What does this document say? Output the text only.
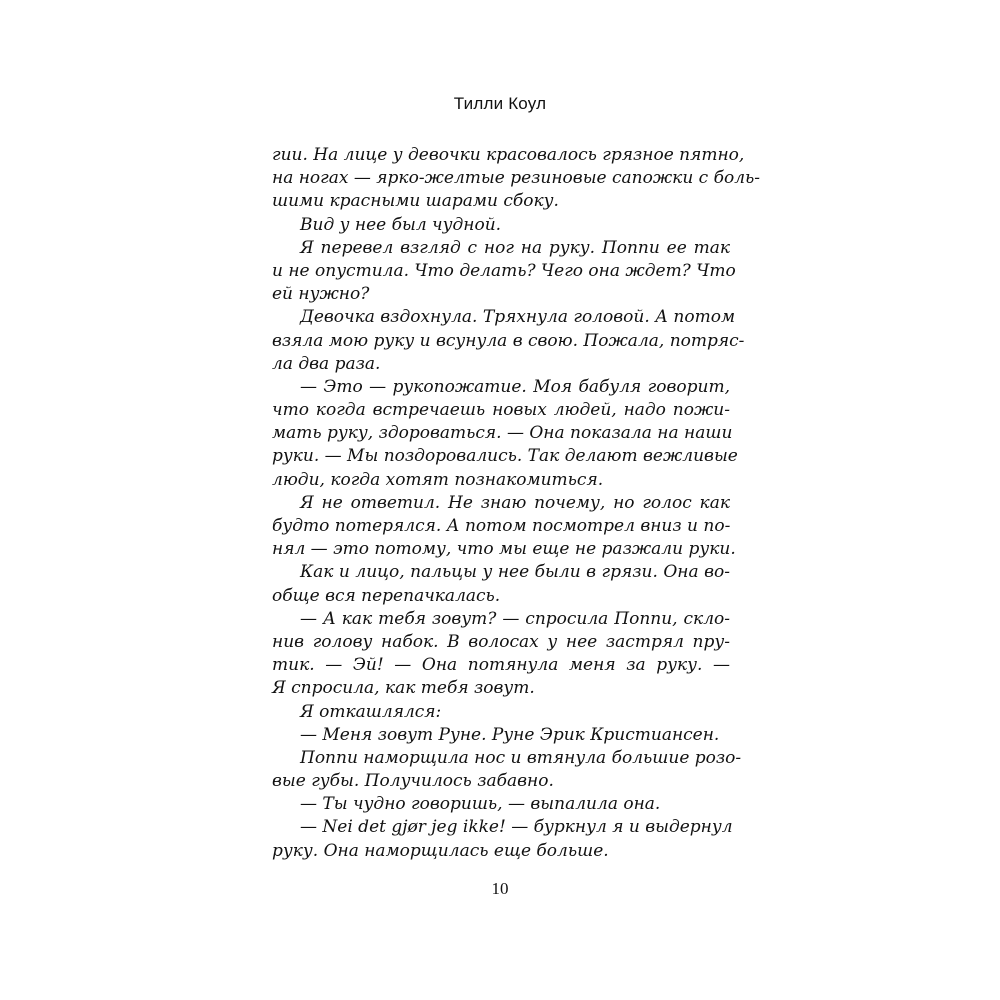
Тилли Коул
гии. На лице у девочки красовалось грязное пятно,
на ногах — ярко-желтые резиновые сапожки с боль-
шими красными шарами сбоку.
Вид у нее был чудной.
Я перевел взгляд с ног на руку. Поппи ее так
и не опустила. Что делать? Чего она ждет? Что
ей нужно?
Девочка вздохнула. Тряхнула головой. А потом
взяла мою руку и всунула в свою. Пожала, потряс-
ла два раза.
— Это — рукопожатие. Моя бабуля говорит,
что когда встречаешь новых людей, надо пожи-
мать руку, здороваться. — Она показала на наши
руки. — Мы поздоровались. Так делают вежливые
люди, когда хотят познакомиться.
Я не ответил. Не знаю почему, но голос как
будто потерялся. А потом посмотрел вниз и по-
нял — это потому, что мы еще не разжали руки.
Как и лицо, пальцы у нее были в грязи. Она во-
обще вся перепачкалась.
— А как тебя зовут? — спросила Поппи, скло-
нив голову набок. В волосах у нее застрял пру-
тик. — Эй! — Она потянула меня за руку. —
Я спросила, как тебя зовут.
Я откашлялся:
— Меня зовут Руне. Руне Эрик Кристиансен.
Поппи наморщила нос и втянула большие розо-
вые губы. Получилось забавно.
— Ты чудно говоришь, — выпалила она.
— Nei det gjør jeg ikke! — буркнул я и выдернул
руку. Она наморщилась еще больше.
10
